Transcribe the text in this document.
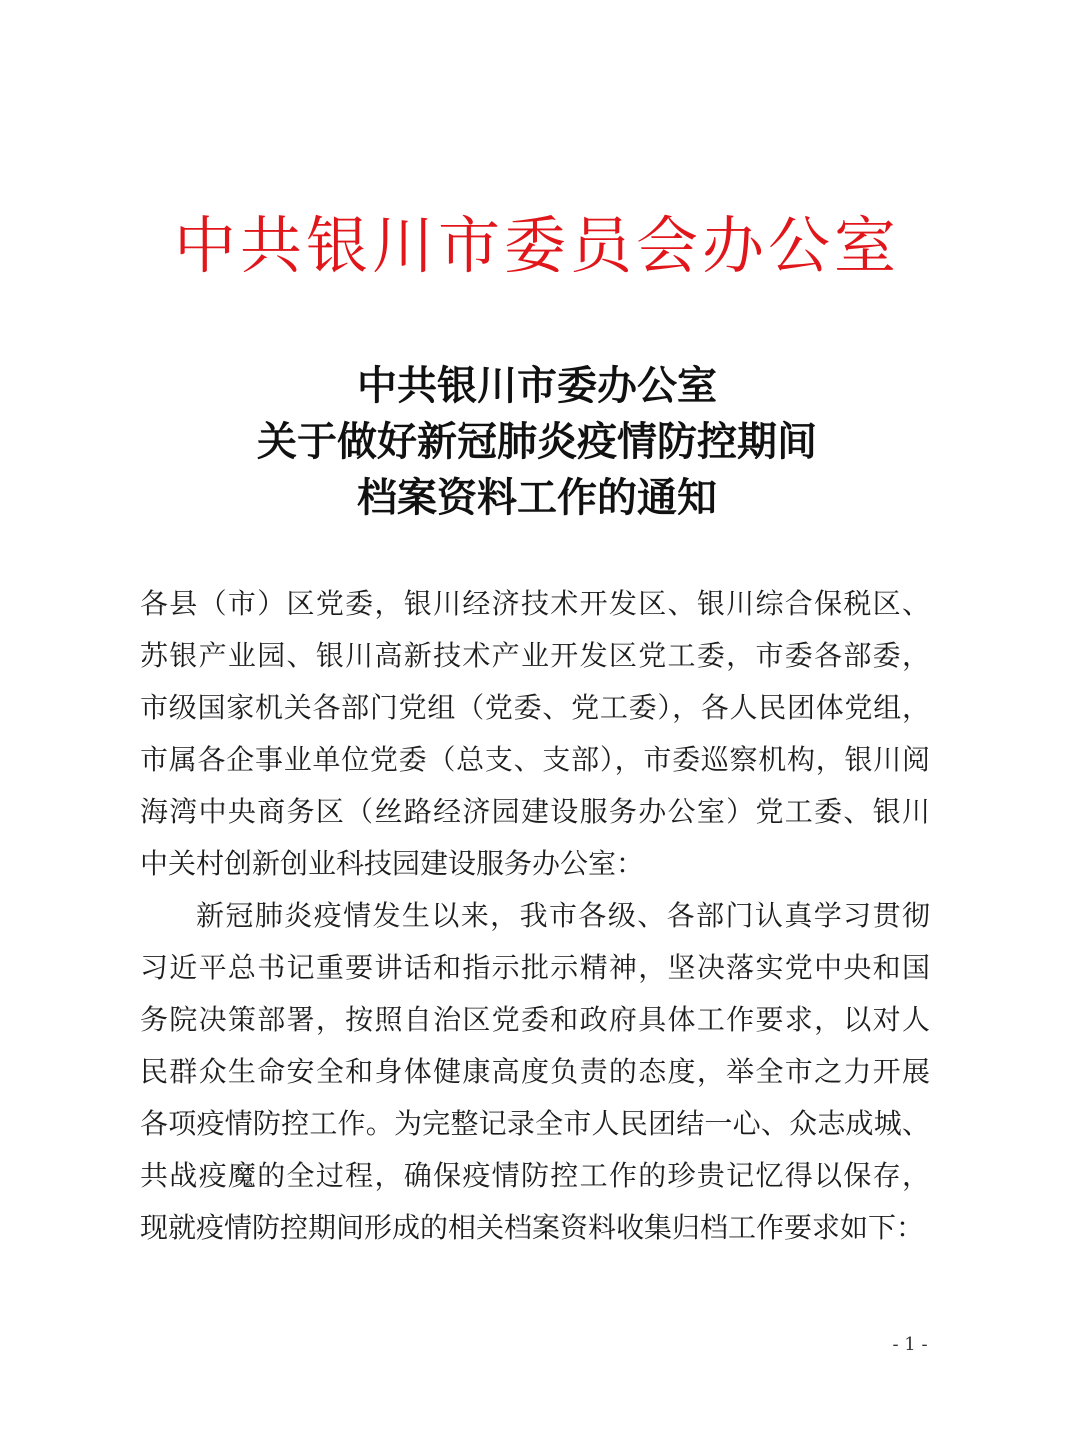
中共银川市委员会办公室
中共银川市委办公室
关于做好新冠肺炎疫情防控期间
档案资料工作的通知
各县（市）区党委，银川经济技术开发区、银川综合保税区、
苏银产业园、银川高新技术产业开发区党工委，市委各部委，
市级国家机关各部门党组（党委、党工委），各人民团体党组，
市属各企事业单位党委（总支、支部），市委巡察机构，银川阅
海湾中央商务区（丝路经济园建设服务办公室）党工委、银川
中关村创新创业科技园建设服务办公室：
新冠肺炎疫情发生以来，我市各级、各部门认真学习贯彻
习近平总书记重要讲话和指示批示精神，坚决落实党中央和国
务院决策部署，按照自治区党委和政府具体工作要求，以对人
民群众生命安全和身体健康高度负责的态度，举全市之力开展
各项疫情防控工作。为完整记录全市人民团结一心、众志成城、
共战疫魔的全过程，确保疫情防控工作的珍贵记忆得以保存，
现就疫情防控期间形成的相关档案资料收集归档工作要求如下：
- 1 -
